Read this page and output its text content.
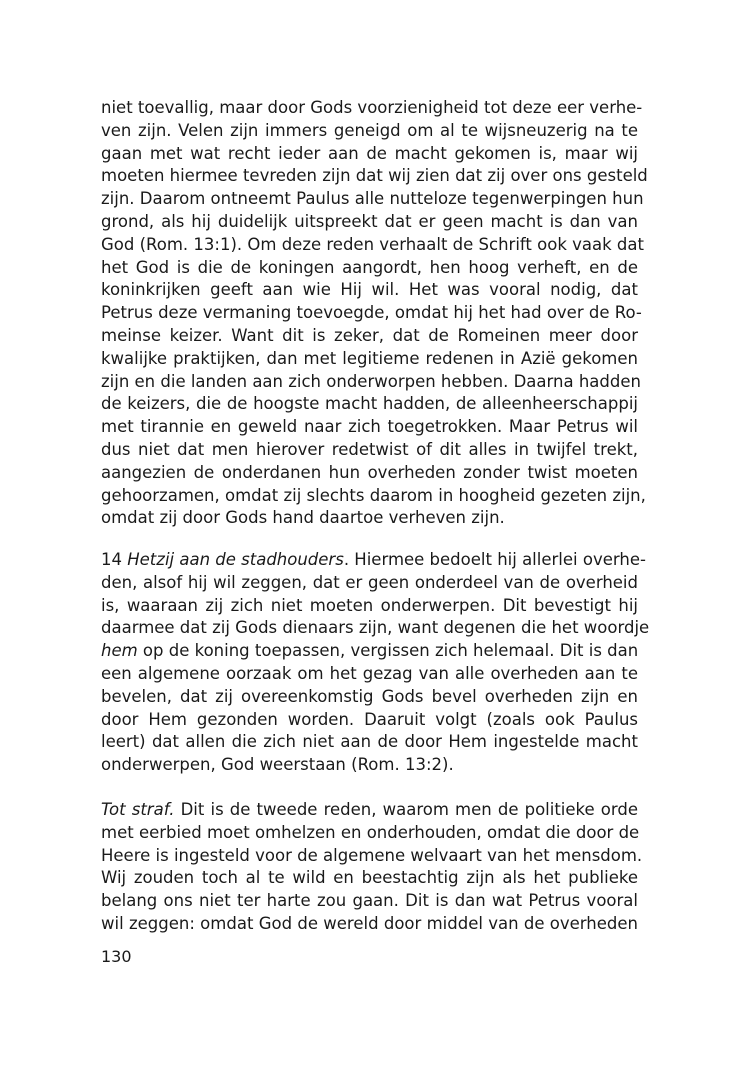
niet toevallig, maar door Gods voorzienigheid tot deze eer verhe-
ven zijn. Velen zijn immers geneigd om al te wijsneuzerig na te
gaan met wat recht ieder aan de macht gekomen is, maar wij
moeten hiermee tevreden zijn dat wij zien dat zij over ons gesteld
zijn. Daarom ontneemt Paulus alle nutteloze tegenwerpingen hun
grond, als hij duidelijk uitspreekt dat er geen macht is dan van
God (Rom. 13:1). Om deze reden verhaalt de Schrift ook vaak dat
het God is die de koningen aangordt, hen hoog verheft, en de
koninkrijken geeft aan wie Hij wil. Het was vooral nodig, dat
Petrus deze vermaning toevoegde, omdat hij het had over de Ro-
meinse keizer. Want dit is zeker, dat de Romeinen meer door
kwalijke praktijken, dan met legitieme redenen in Azië gekomen
zijn en die landen aan zich onderworpen hebben. Daarna hadden
de keizers, die de hoogste macht hadden, de alleenheerschappij
met tirannie en geweld naar zich toegetrokken. Maar Petrus wil
dus niet dat men hierover redetwist of dit alles in twijfel trekt,
aangezien de onderdanen hun overheden zonder twist moeten
gehoorzamen, omdat zij slechts daarom in hoogheid gezeten zijn,
omdat zij door Gods hand daartoe verheven zijn.
14 Hetzij aan de stadhouders. Hiermee bedoelt hij allerlei overhe-
den, alsof hij wil zeggen, dat er geen onderdeel van de overheid
is, waaraan zij zich niet moeten onderwerpen. Dit bevestigt hij
daarmee dat zij Gods dienaars zijn, want degenen die het woordje
hem op de koning toepassen, vergissen zich helemaal. Dit is dan
een algemene oorzaak om het gezag van alle overheden aan te
bevelen, dat zij overeenkomstig Gods bevel overheden zijn en
door Hem gezonden worden. Daaruit volgt (zoals ook Paulus
leert) dat allen die zich niet aan de door Hem ingestelde macht
onderwerpen, God weerstaan (Rom. 13:2).
Tot straf. Dit is de tweede reden, waarom men de politieke orde
met eerbied moet omhelzen en onderhouden, omdat die door de
Heere is ingesteld voor de algemene welvaart van het mensdom.
Wij zouden toch al te wild en beestachtig zijn als het publieke
belang ons niet ter harte zou gaan. Dit is dan wat Petrus vooral
wil zeggen: omdat God de wereld door middel van de overheden
130
